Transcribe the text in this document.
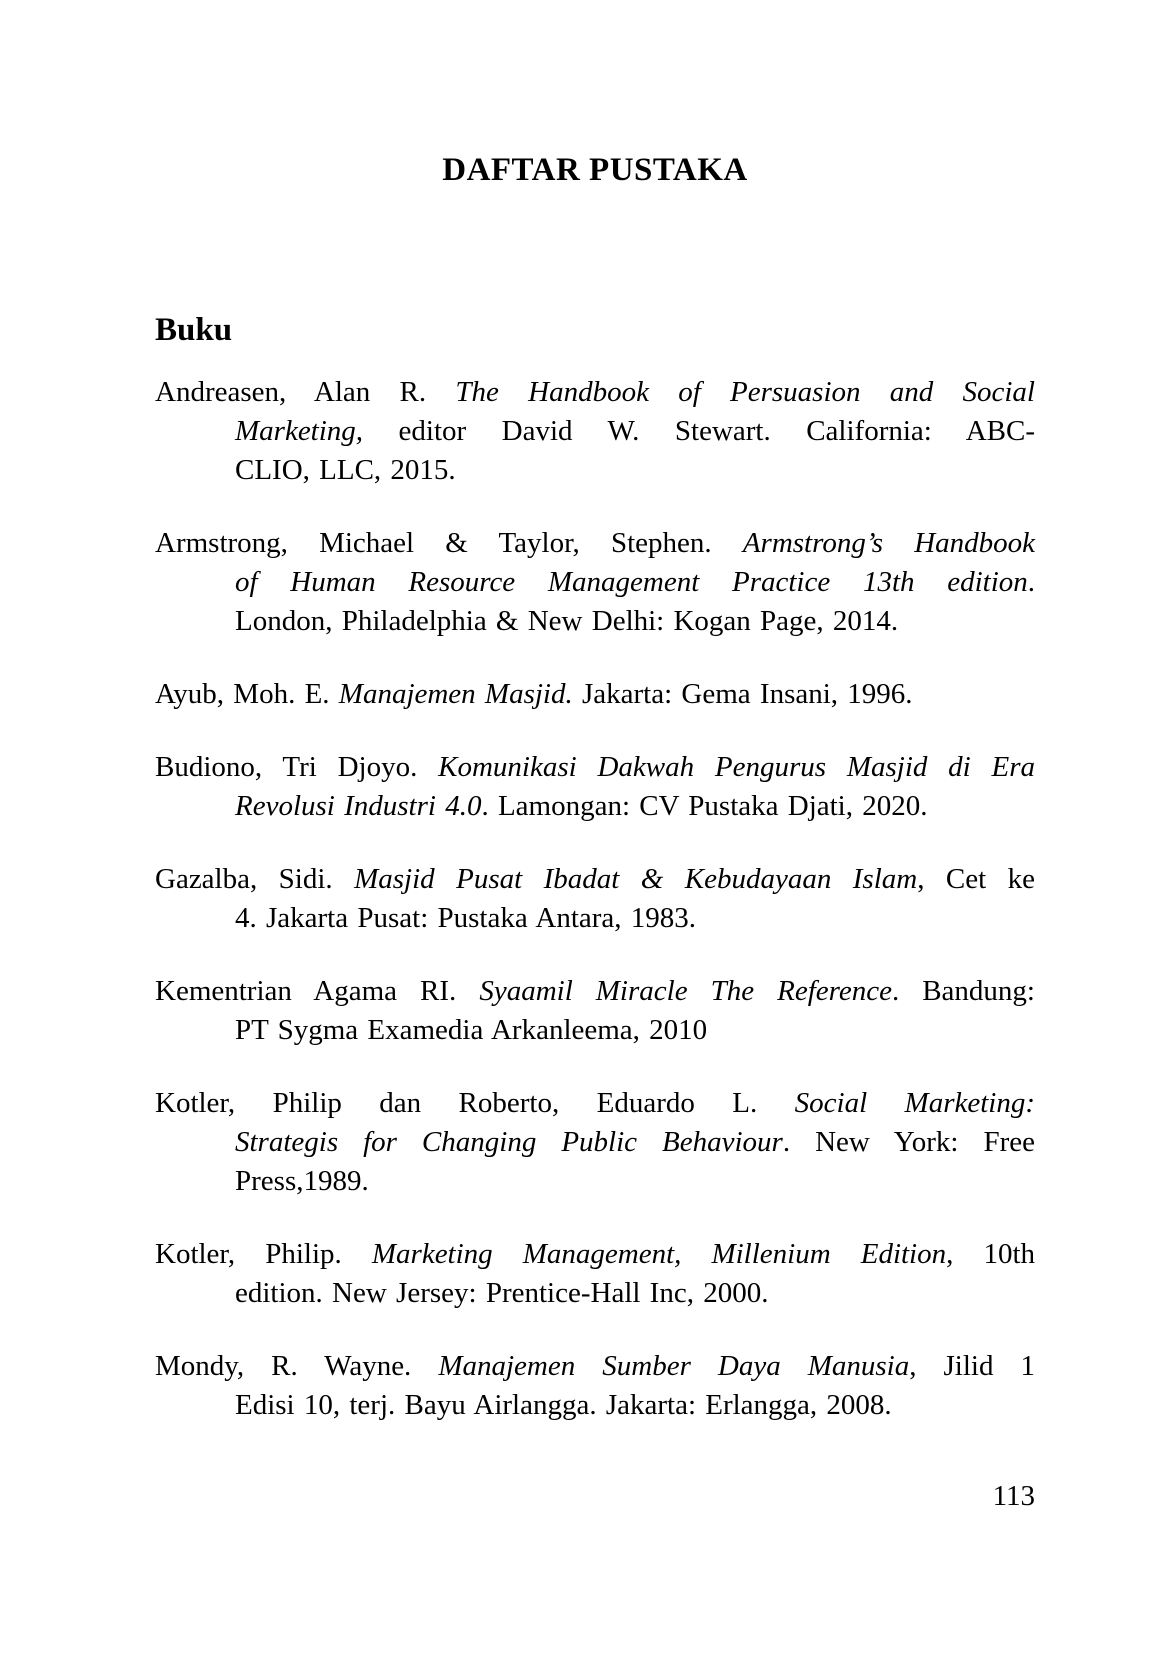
DAFTAR PUSTAKA
Buku
Andreasen, Alan R. The Handbook of Persuasion and Social
Marketing, editor David W. Stewart. California: ABC-
CLIO, LLC, 2015.
Armstrong, Michael & Taylor, Stephen. Armstrong’s Handbook
of Human Resource Management Practice 13th edition.
London, Philadelphia & New Delhi: Kogan Page, 2014.
Ayub, Moh. E. Manajemen Masjid. Jakarta: Gema Insani, 1996.
Budiono, Tri Djoyo. Komunikasi Dakwah Pengurus Masjid di Era
Revolusi Industri 4.0. Lamongan: CV Pustaka Djati, 2020.
Gazalba, Sidi. Masjid Pusat Ibadat & Kebudayaan Islam, Cet ke
4. Jakarta Pusat: Pustaka Antara, 1983.
Kementrian Agama RI. Syaamil Miracle The Reference. Bandung:
PT Sygma Examedia Arkanleema, 2010
Kotler, Philip dan Roberto, Eduardo L. Social Marketing:
Strategis for Changing Public Behaviour. New York: Free
Press,1989.
Kotler, Philip. Marketing Management, Millenium Edition, 10th
edition. New Jersey: Prentice-Hall Inc, 2000.
Mondy, R. Wayne. Manajemen Sumber Daya Manusia, Jilid 1
Edisi 10, terj. Bayu Airlangga. Jakarta: Erlangga, 2008.
113
